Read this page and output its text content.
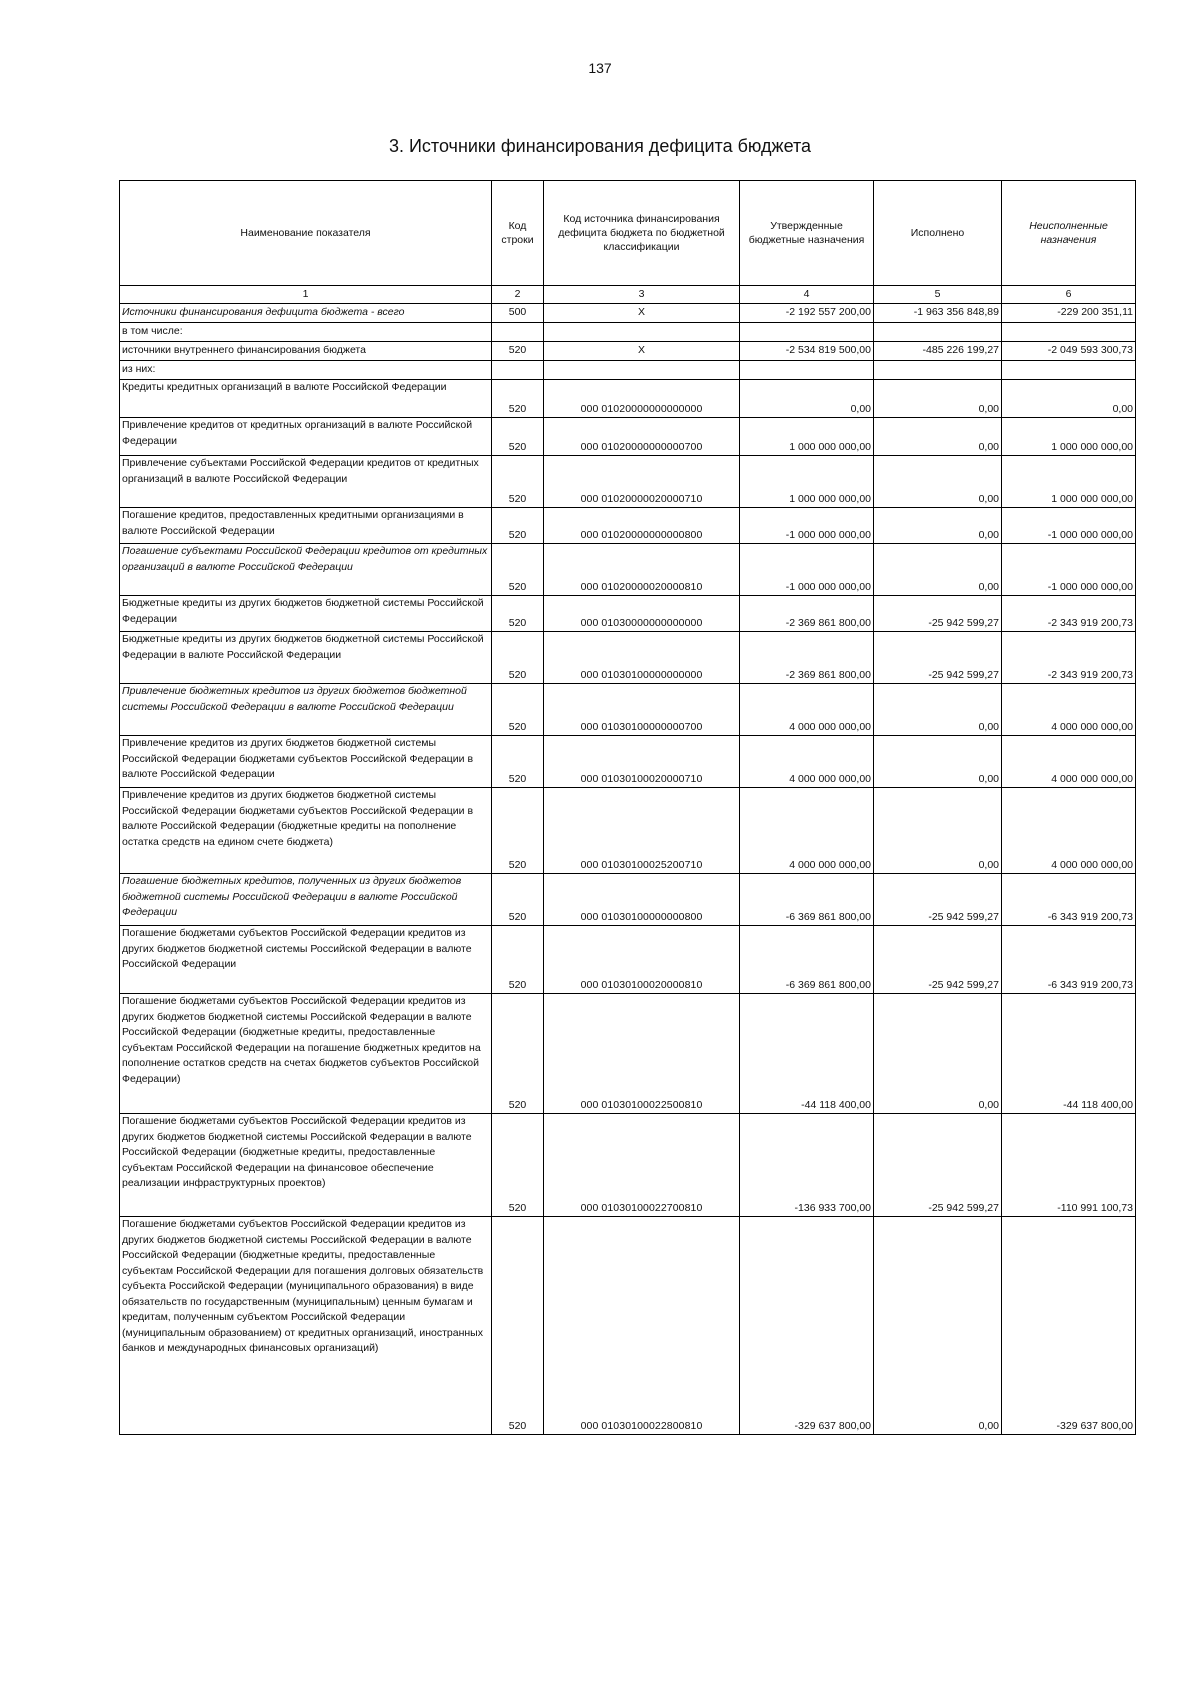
137
3. Источники финансирования дефицита бюджета
Наименование показателя	Код строки	Код источника финансирования дефицита бюджета по бюджетной классификации	Утвержденные бюджетные назначения	Исполнено	Неисполненные назначения
1	2	3	4	5	6
Источники финансирования дефицита бюджета - всего	500	X	-2 192 557 200,00	-1 963 356 848,89	-229 200 351,11
в том числе:					
источники внутреннего финансирования бюджета	520	X	-2 534 819 500,00	-485 226 199,27	-2 049 593 300,73
из них:					
Кредиты кредитных организаций в валюте Российской Федерации	520	000 01020000000000000	0,00	0,00	0,00
Привлечение кредитов от кредитных организаций в валюте Российской Федерации	520	000 01020000000000700	1 000 000 000,00	0,00	1 000 000 000,00
Привлечение субъектами Российской Федерации кредитов от кредитных организаций в валюте Российской Федерации	520	000 01020000020000710	1 000 000 000,00	0,00	1 000 000 000,00
Погашение кредитов, предоставленных кредитными организациями в валюте Российской Федерации	520	000 01020000000000800	-1 000 000 000,00	0,00	-1 000 000 000,00
Погашение субъектами Российской Федерации кредитов от кредитных организаций в валюте Российской Федерации	520	000 01020000020000810	-1 000 000 000,00	0,00	-1 000 000 000,00
Бюджетные кредиты из других бюджетов бюджетной системы Российской Федерации	520	000 01030000000000000	-2 369 861 800,00	-25 942 599,27	-2 343 919 200,73
Бюджетные кредиты из других бюджетов бюджетной системы Российской Федерации в валюте Российской Федерации	520	000 01030100000000000	-2 369 861 800,00	-25 942 599,27	-2 343 919 200,73
Привлечение бюджетных кредитов из других бюджетов бюджетной системы Российской Федерации в валюте Российской Федерации	520	000 01030100000000700	4 000 000 000,00	0,00	4 000 000 000,00
Привлечение кредитов из других бюджетов бюджетной системы Российской Федерации бюджетами субъектов Российской Федерации в валюте Российской Федерации	520	000 01030100020000710	4 000 000 000,00	0,00	4 000 000 000,00
Привлечение кредитов из других бюджетов бюджетной системы Российской Федерации бюджетами субъектов Российской Федерации в валюте Российской Федерации (бюджетные кредиты на пополнение остатка средств на едином счете бюджета)	520	000 01030100025200710	4 000 000 000,00	0,00	4 000 000 000,00
Погашение бюджетных кредитов, полученных из других бюджетов бюджетной системы Российской Федерации в валюте Российской Федерации	520	000 01030100000000800	-6 369 861 800,00	-25 942 599,27	-6 343 919 200,73
Погашение бюджетами субъектов Российской Федерации кредитов из других бюджетов бюджетной системы Российской Федерации в валюте Российской Федерации	520	000 01030100020000810	-6 369 861 800,00	-25 942 599,27	-6 343 919 200,73
Погашение бюджетами субъектов Российской Федерации кредитов из других бюджетов бюджетной системы Российской Федерации в валюте Российской Федерации (бюджетные кредиты, предоставленные субъектам Российской Федерации на погашение бюджетных кредитов на пополнение остатков средств на счетах бюджетов субъектов Российской Федерации)	520	000 01030100022500810	-44 118 400,00	0,00	-44 118 400,00
Погашение бюджетами субъектов Российской Федерации кредитов из других бюджетов бюджетной системы Российской Федерации в валюте Российской Федерации (бюджетные кредиты, предоставленные субъектам Российской Федерации на финансовое обеспечение реализации инфраструктурных проектов)	520	000 01030100022700810	-136 933 700,00	-25 942 599,27	-110 991 100,73
Погашение бюджетами субъектов Российской Федерации кредитов из других бюджетов бюджетной системы Российской Федерации в валюте Российской Федерации (бюджетные кредиты, предоставленные субъектам Российской Федерации для погашения долговых обязательств субъекта Российской Федерации (муниципального образования) в виде обязательств по государственным (муниципальным) ценным бумагам и кредитам, полученным субъектом Российской Федерации (муниципальным образованием) от кредитных организаций, иностранных банков и международных финансовых организаций)	520	000 01030100022800810	-329 637 800,00	0,00	-329 637 800,00
